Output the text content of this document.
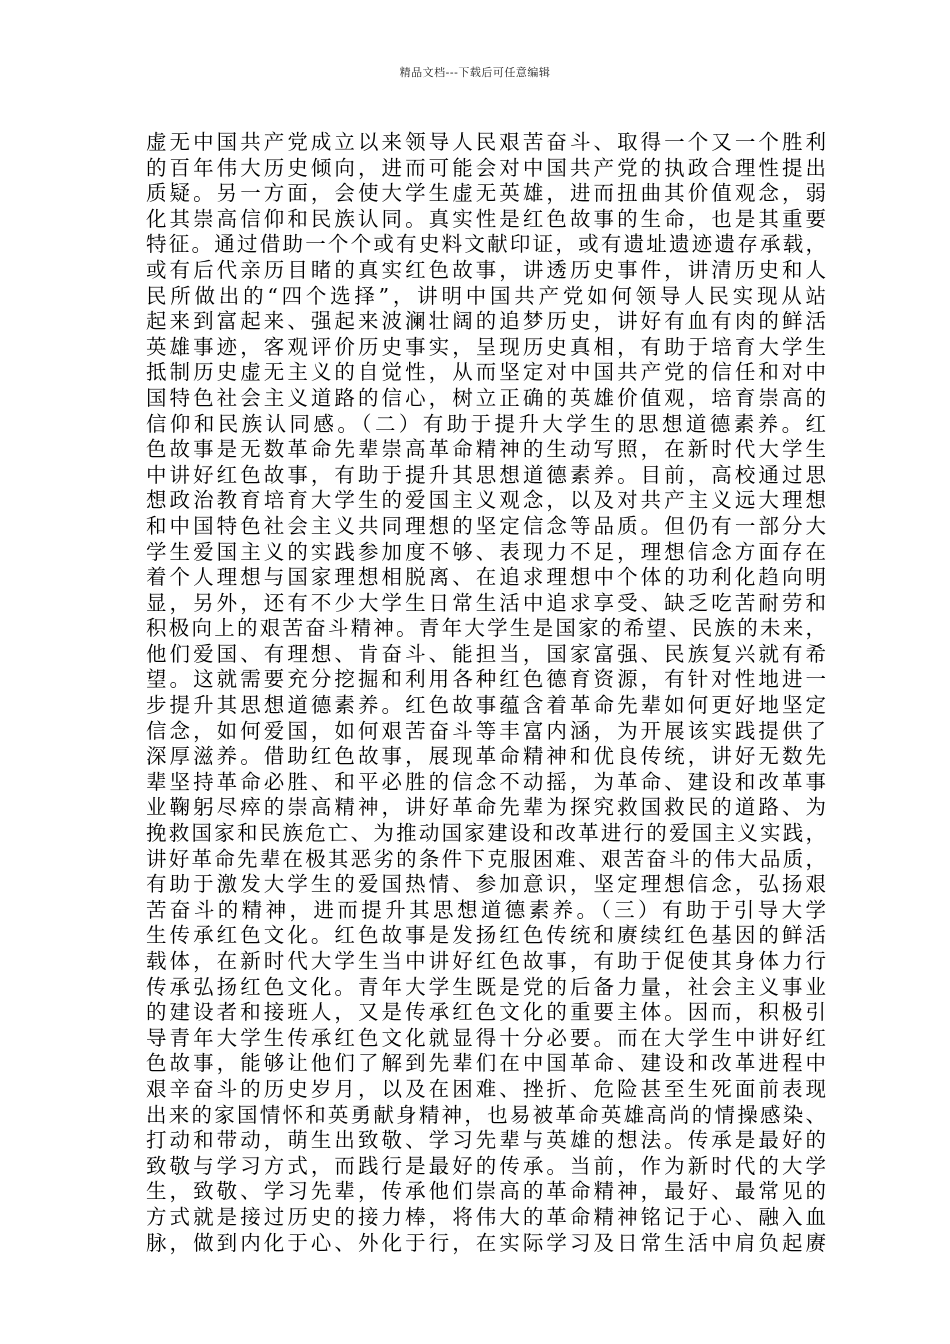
精品文档---下载后可任意编辑
虚无中国共产党成立以来领导人民艰苦奋斗、取得一个又一个胜利
的百年伟大历史倾向，进而可能会对中国共产党的执政合理性提出
质疑。另一方面，会使大学生虚无英雄，进而扭曲其价值观念，弱
化其崇高信仰和民族认同。真实性是红色故事的生命，也是其重要
特征。通过借助一个个或有史料文献印证，或有遗址遗迹遗存承载，
或有后代亲历目睹的真实红色故事，讲透历史事件，讲清历史和人
民所做出的“四个选择”，讲明中国共产党如何领导人民实现从站
起来到富起来、强起来波澜壮阔的追梦历史，讲好有血有肉的鲜活
英雄事迹，客观评价历史事实，呈现历史真相，有助于培育大学生
抵制历史虚无主义的自觉性，从而坚定对中国共产党的信任和对中
国特色社会主义道路的信心，树立正确的英雄价值观，培育崇高的
信仰和民族认同感。（二）有助于提升大学生的思想道德素养。红
色故事是无数革命先辈崇高革命精神的生动写照，在新时代大学生
中讲好红色故事，有助于提升其思想道德素养。目前，高校通过思
想政治教育培育大学生的爱国主义观念，以及对共产主义远大理想
和中国特色社会主义共同理想的坚定信念等品质。但仍有一部分大
学生爱国主义的实践参加度不够、表现力不足，理想信念方面存在
着个人理想与国家理想相脱离、在追求理想中个体的功利化趋向明
显，另外，还有不少大学生日常生活中追求享受、缺乏吃苦耐劳和
积极向上的艰苦奋斗精神。青年大学生是国家的希望、民族的未来，
他们爱国、有理想、肯奋斗、能担当，国家富强、民族复兴就有希
望。这就需要充分挖掘和利用各种红色德育资源，有针对性地进一
步提升其思想道德素养。红色故事蕴含着革命先辈如何更好地坚定
信念，如何爱国，如何艰苦奋斗等丰富内涵，为开展该实践提供了
深厚滋养。借助红色故事，展现革命精神和优良传统，讲好无数先
辈坚持革命必胜、和平必胜的信念不动摇，为革命、建设和改革事
业鞠躬尽瘁的崇高精神，讲好革命先辈为探究救国救民的道路、为
挽救国家和民族危亡、为推动国家建设和改革进行的爱国主义实践，
讲好革命先辈在极其恶劣的条件下克服困难、艰苦奋斗的伟大品质，
有助于激发大学生的爱国热情、参加意识，坚定理想信念，弘扬艰
苦奋斗的精神，进而提升其思想道德素养。（三）有助于引导大学
生传承红色文化。红色故事是发扬红色传统和赓续红色基因的鲜活
载体，在新时代大学生当中讲好红色故事，有助于促使其身体力行
传承弘扬红色文化。青年大学生既是党的后备力量，社会主义事业
的建设者和接班人，又是传承红色文化的重要主体。因而，积极引
导青年大学生传承红色文化就显得十分必要。而在大学生中讲好红
色故事，能够让他们了解到先辈们在中国革命、建设和改革进程中
艰辛奋斗的历史岁月，以及在困难、挫折、危险甚至生死面前表现
出来的家国情怀和英勇献身精神，也易被革命英雄高尚的情操感染、
打动和带动，萌生出致敬、学习先辈与英雄的想法。传承是最好的
致敬与学习方式，而践行是最好的传承。当前，作为新时代的大学
生，致敬、学习先辈，传承他们崇高的革命精神，最好、最常见的
方式就是接过历史的接力棒，将伟大的革命精神铭记于心、融入血
脉，做到内化于心、外化于行，在实际学习及日常生活中肩负起赓
